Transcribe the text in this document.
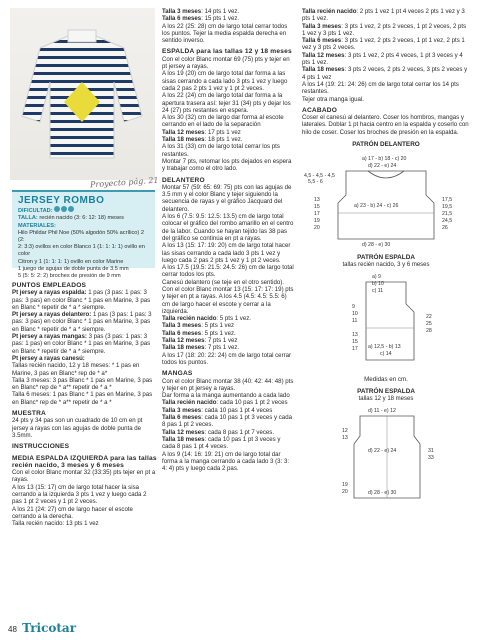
Proyecto pág. 21
JERSEY ROMBO
DIFICULTAD:
TALLA: recién nacido (3: 6: 12: 18) meses
MATERIALES:
Hilo Phildar Phil Noe (50% algodón 50% acrílico) 2 (2:
2: 3:3) ovillos en color Blanco 1 (1: 1: 1: 1) ovillo en color
Citron y 1 (1: 1: 1: 1) ovillo en color Marine
1 juego de agujas de doble punta de 3.5 mm
5 (5: 5: 2: 2) broches de presión de 9 mm

PUNTOS EMPLEADOS

Pt jersey a rayas espalda: 1 pas (3 pas: 1 pas: 3 pas: 3 pas) en color Blanc * 1 pas en Marine, 3 pas en Blanc * repetir de * a * siempre.

Pt jersey a rayas delantero: 1 pas (3 pas: 1 pas: 3 pas: 3 pas) en color Blanc * 1 pas en Marine, 3 pas en Blanc * repetir de * a * siempre.

Pt jersey a rayas mangas: 3 pas (3 pas: 1 pas: 3 pas: 1 pas) en color Blanc * 1 pas en Marine, 3 pas en Blanc * repetir de * a * siempre.

Pt jersey a rayas canesú:

Tallas recién nacido, 12 y 18 meses: * 1 pas en Marine, 3 pas en Blanc* rep de * a*

Talla 3 meses: 3 pas Blanc * 1 pas en Marine, 3 pas en Blanc* rep de * a** repetir de * a *

Talla 6 meses: 1 pas Blanc * 1 pas en Marine, 3 pas en Blanc* rep de * a** repetir de * a *

MUESTRA

24 pts y 34 pas son un cuadrado de 10 cm en pt jersey a rayas con las agujas de doble punta de 3.5mm.

INSTRUCCIONES

MEDIA ESPALDA IZQUIERDA para las tallas recién nacido, 3 meses y 6 meses

Con el color Blanc montar 32 (33:35) pts tejer en pt a rayas.

A los 13 (15: 17) cm de largo total hacer la sisa cerrando a la izquierda 3 pts 1 vez y luego cada 2 pas 1 pt 2 veces y 1 pt 2 veces.

A los 21 (24: 27) cm de largo hacer el escote cerrando a la derecha.

Talla recién nacido: 13 pts 1 vez

Talla 3 meses: 14 pts 1 vez.

Talla 6 meses: 15 pts 1 vez.

A los 22 (25: 28) cm de largo total cerrar todos los puntos. Tejer la media espalda derecha en sentido inverso.

ESPALDA para las tallas 12 y 18 meses

Con el color Blanc montar 69 (75) pts y tejer en pt jersey a rayas.

A los 19 (20) cm de largo total dar forma a las sisas cerrando a cada lado 3 pts 1 vez y luego cada 2 pas 2 pts 1 vez y 1 pt 2 veces.

A los 22 (24) cm de largo total dar forma a la apertura trasera así: tejer 31 (34) pts y dejar los 24 (27) pts restantes en espera.

A los 30 (32) cm de largo dar forma al escote cerrando en el lado de la separación

Talla 12 meses: 17 pts 1 vez

Talla 18 meses: 18 pts 1 vez.

A los 31 (33) cm de largo total cerrar los pts restantes.

Montar 7 pts, retomar los pts dejados en espera y trabajar como el otro lado.

DELANTERO

Montar 57 (59: 65: 69: 75) pts con las agujas de 3.5 mm y el color Blanc y tejer siguiendo la secuencia de rayas y el gráfico Jacquard del delantero.

A los 6 (7.5: 9.5: 12.5: 13.5) cm de largo total colocar el gráfico del rombo amarillo en el centro de la labor. Cuando se hayan tejido las 38 pas del gráfico se continúa en pt a rayas.

A los 13 (15: 17: 19: 20) cm de largo total hacer las sisas cerrando a cada lado 3 pts 1 vez y luego cada 2 pas 2 pts 1 vez y 1 pt 2 veces.

A los 17.5 (19.5: 21.5: 24.5: 26) cm de largo total cerrar todos los pts.

Canesú delantero (se teje en el otro sentido). Con el color Blanc montar 13 (15: 17: 17: 19) pts y tejer en pt a rayas. A los 4.5 (4.5: 4.5: 5.5: 6) cm de largo hacer el escote y cerrar a la izquierda.

Talla recién nacido: 5 pts 1 vez.

Talla 3 meses: 5 pts 1 vez

Talla 6 meses: 5 pts 1 vez.

Talla 12 meses: 7 pts 1 vez

Talla 18 meses: 7 pts 1 vez.

A los 17 (18: 20: 22: 24) cm de largo total cerrar todos los puntos.

MANGAS

Con el color Blanc montar 38 (40: 42: 44: 48) pts y tejer en pt jersey a rayas.

Dar forma a la manga aumentando a cada lado

Talla recién nacido: cada 10 pas 1 pt 2 veces

Talla 3 meses: cada 10 pas 1 pt 4 veces

Talla 6 meses: cada 10 pas 1 pt 3 veces y cada 8 pas 1 pt 2 veces.

Talla 12 meses: cada 8 pas 1 pt 7 veces.

Talla 18 meses: cada 10 pas 1 pt 3 veces y cada 8 pas 1 pt 4 veces.

A los 9 (14: 16: 19: 21) cm de largo total dar forma a la manga cerrando a cada lado 3 (3: 3: 4: 4) pts y luego cada 2 pas.

Talla recién nacido: 2 pts 1 vez 1 pt 4 veces 2 pts 1 vez y 3 pts 1 vez.

Talla 3 meses: 3 pts 1 vez, 2 pts 2 veces, 1 pt 2 veces, 2 pts 1 vez y 3 pts 1 vez.

Talla 6 meses: 3 pts 1 vez, 2 pts 2 veces, 1 pt 1 vez, 2 pts 1 vez y 3 pts 2 veces.

Talla 12 meses: 3 pts 1 vez, 2 pts 4 veces, 1 pt 3 veces y 4 pts 1 vez.

Talla 18 meses: 3 pts 2 veces, 2 pts 2 veces, 3 pts 2 veces y 4 pts 1 vez

A los 14 (19: 21: 24: 26) cm de largo total cerrar los 14 pts restantes.

Tejer otra manga igual.

ACABADO

Coser el canesú al delantero. Coser los hombros, mangas y laterales. Doblar 1 pt hacia centro en la espalda y coserlo con hilo de coser. Coser los broches de presión en la espalda.

PATRÓN DELANTERO

a) 17 - b) 18 - c) 20
d) 22 - e) 24
4,5 - 4,5 - 4,5
5,5 - 6
13
15
17
19
20
17,5
19,5
21,5
24,5
26
a) 23 - b) 24 - c) 26
d) 28 - e) 30

PATRÓN ESPALDA

tallas recién nacido, 3 y 6 meses

a) 9
b) 10
c) 11
9
10
11
22
25
28
13
15
17 a) 12,5 - b) 13
c) 14

Medidas en cm.

PATRÓN ESPALDA

tallas 12 y 18 meses

d) 11 - e) 12
d) 22 - e) 24
12
13
31
33
19
20	d) 28 - e) 30
48 Tricotar
